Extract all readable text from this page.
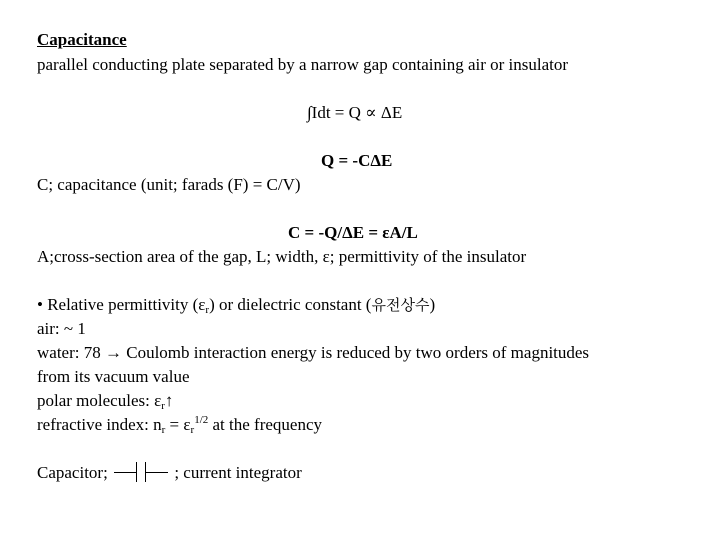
Capacitance
parallel conducting plate separated by a narrow gap containing air or insulator
∫Idt = Q ∝ ΔE
Q = -CΔE
C; capacitance (unit; farads (F) = C/V)
C = -Q/ΔE = εA/L
A;cross-section area of the gap, L; width, ε; permittivity of the insulator
• Relative permittivity $(\varepsilon_r)$ or dielectric constant (유전상수)
air: ~ 1
water: 78 → Coulomb interaction energy is reduced by two orders of magnitudes
from its vacuum value
polar molecules: $\varepsilon_r↑$
refractive index: $n_r = \varepsilon_r^{1/2}$ at the frequency
Capacitor;	; current integrator
